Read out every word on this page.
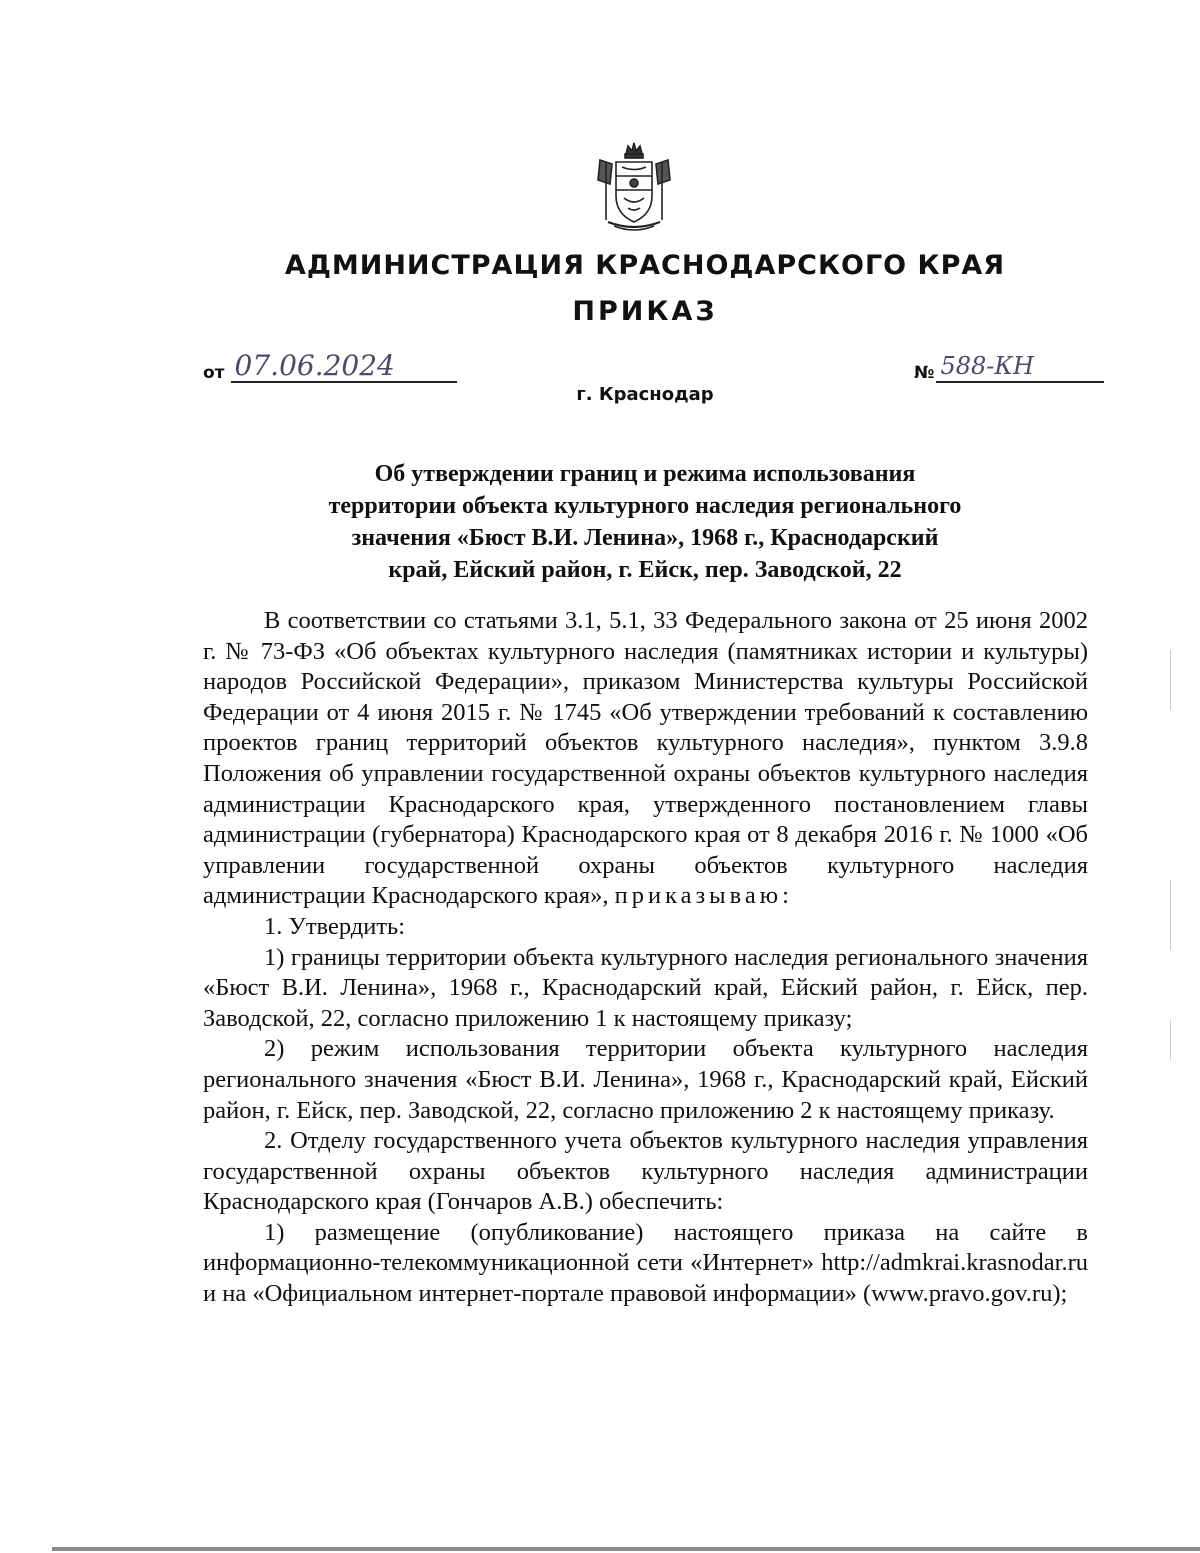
АДМИНИСТРАЦИЯ КРАСНОДАРСКОГО КРАЯ
ПРИКАЗ
от 07.06.2024	№ 588-КН
г. Краснодар
Об утверждении границ и режима использования
территории объекта культурного наследия регионального
значения «Бюст В.И. Ленина», 1968 г., Краснодарский
край, Ейский район, г. Ейск, пер. Заводской, 22

В соответствии со статьями 3.1, 5.1, 33 Федерального закона от 25 июня 2002 г. № 73-ФЗ «Об объектах культурного наследия (памятниках истории и культуры) народов Российской Федерации», приказом Министерства культуры Российской Федерации от 4 июня 2015 г. № 1745 «Об утверждении требований к составлению проектов границ территорий объектов культурного наследия», пунктом 3.9.8 Положения об управлении государственной охраны объектов культурного наследия администрации Краснодарского края, утвержденного постановлением главы администрации (губернатора) Краснодарского края от 8 декабря 2016 г. № 1000 «Об управлении государственной охраны объектов культурного наследия администрации Краснодарского края», приказываю:

1. Утвердить:

1) границы территории объекта культурного наследия регионального значения «Бюст В.И. Ленина», 1968 г., Краснодарский край, Ейский район, г. Ейск, пер. Заводской, 22, согласно приложению 1 к настоящему приказу;

2) режим использования территории объекта культурного наследия регионального значения «Бюст В.И. Ленина», 1968 г., Краснодарский край, Ейский район, г. Ейск, пер. Заводской, 22, согласно приложению 2 к настоящему приказу.

2. Отделу государственного учета объектов культурного наследия управления государственной охраны объектов культурного наследия администрации Краснодарского края (Гончаров А.В.) обеспечить:

1) размещение (опубликование) настоящего приказа на сайте в информационно-телекоммуникационной сети «Интернет» http://admkrai.krasnodar.ru и на «Официальном интернет-портале правовой информации» (www.pravo.gov.ru);
